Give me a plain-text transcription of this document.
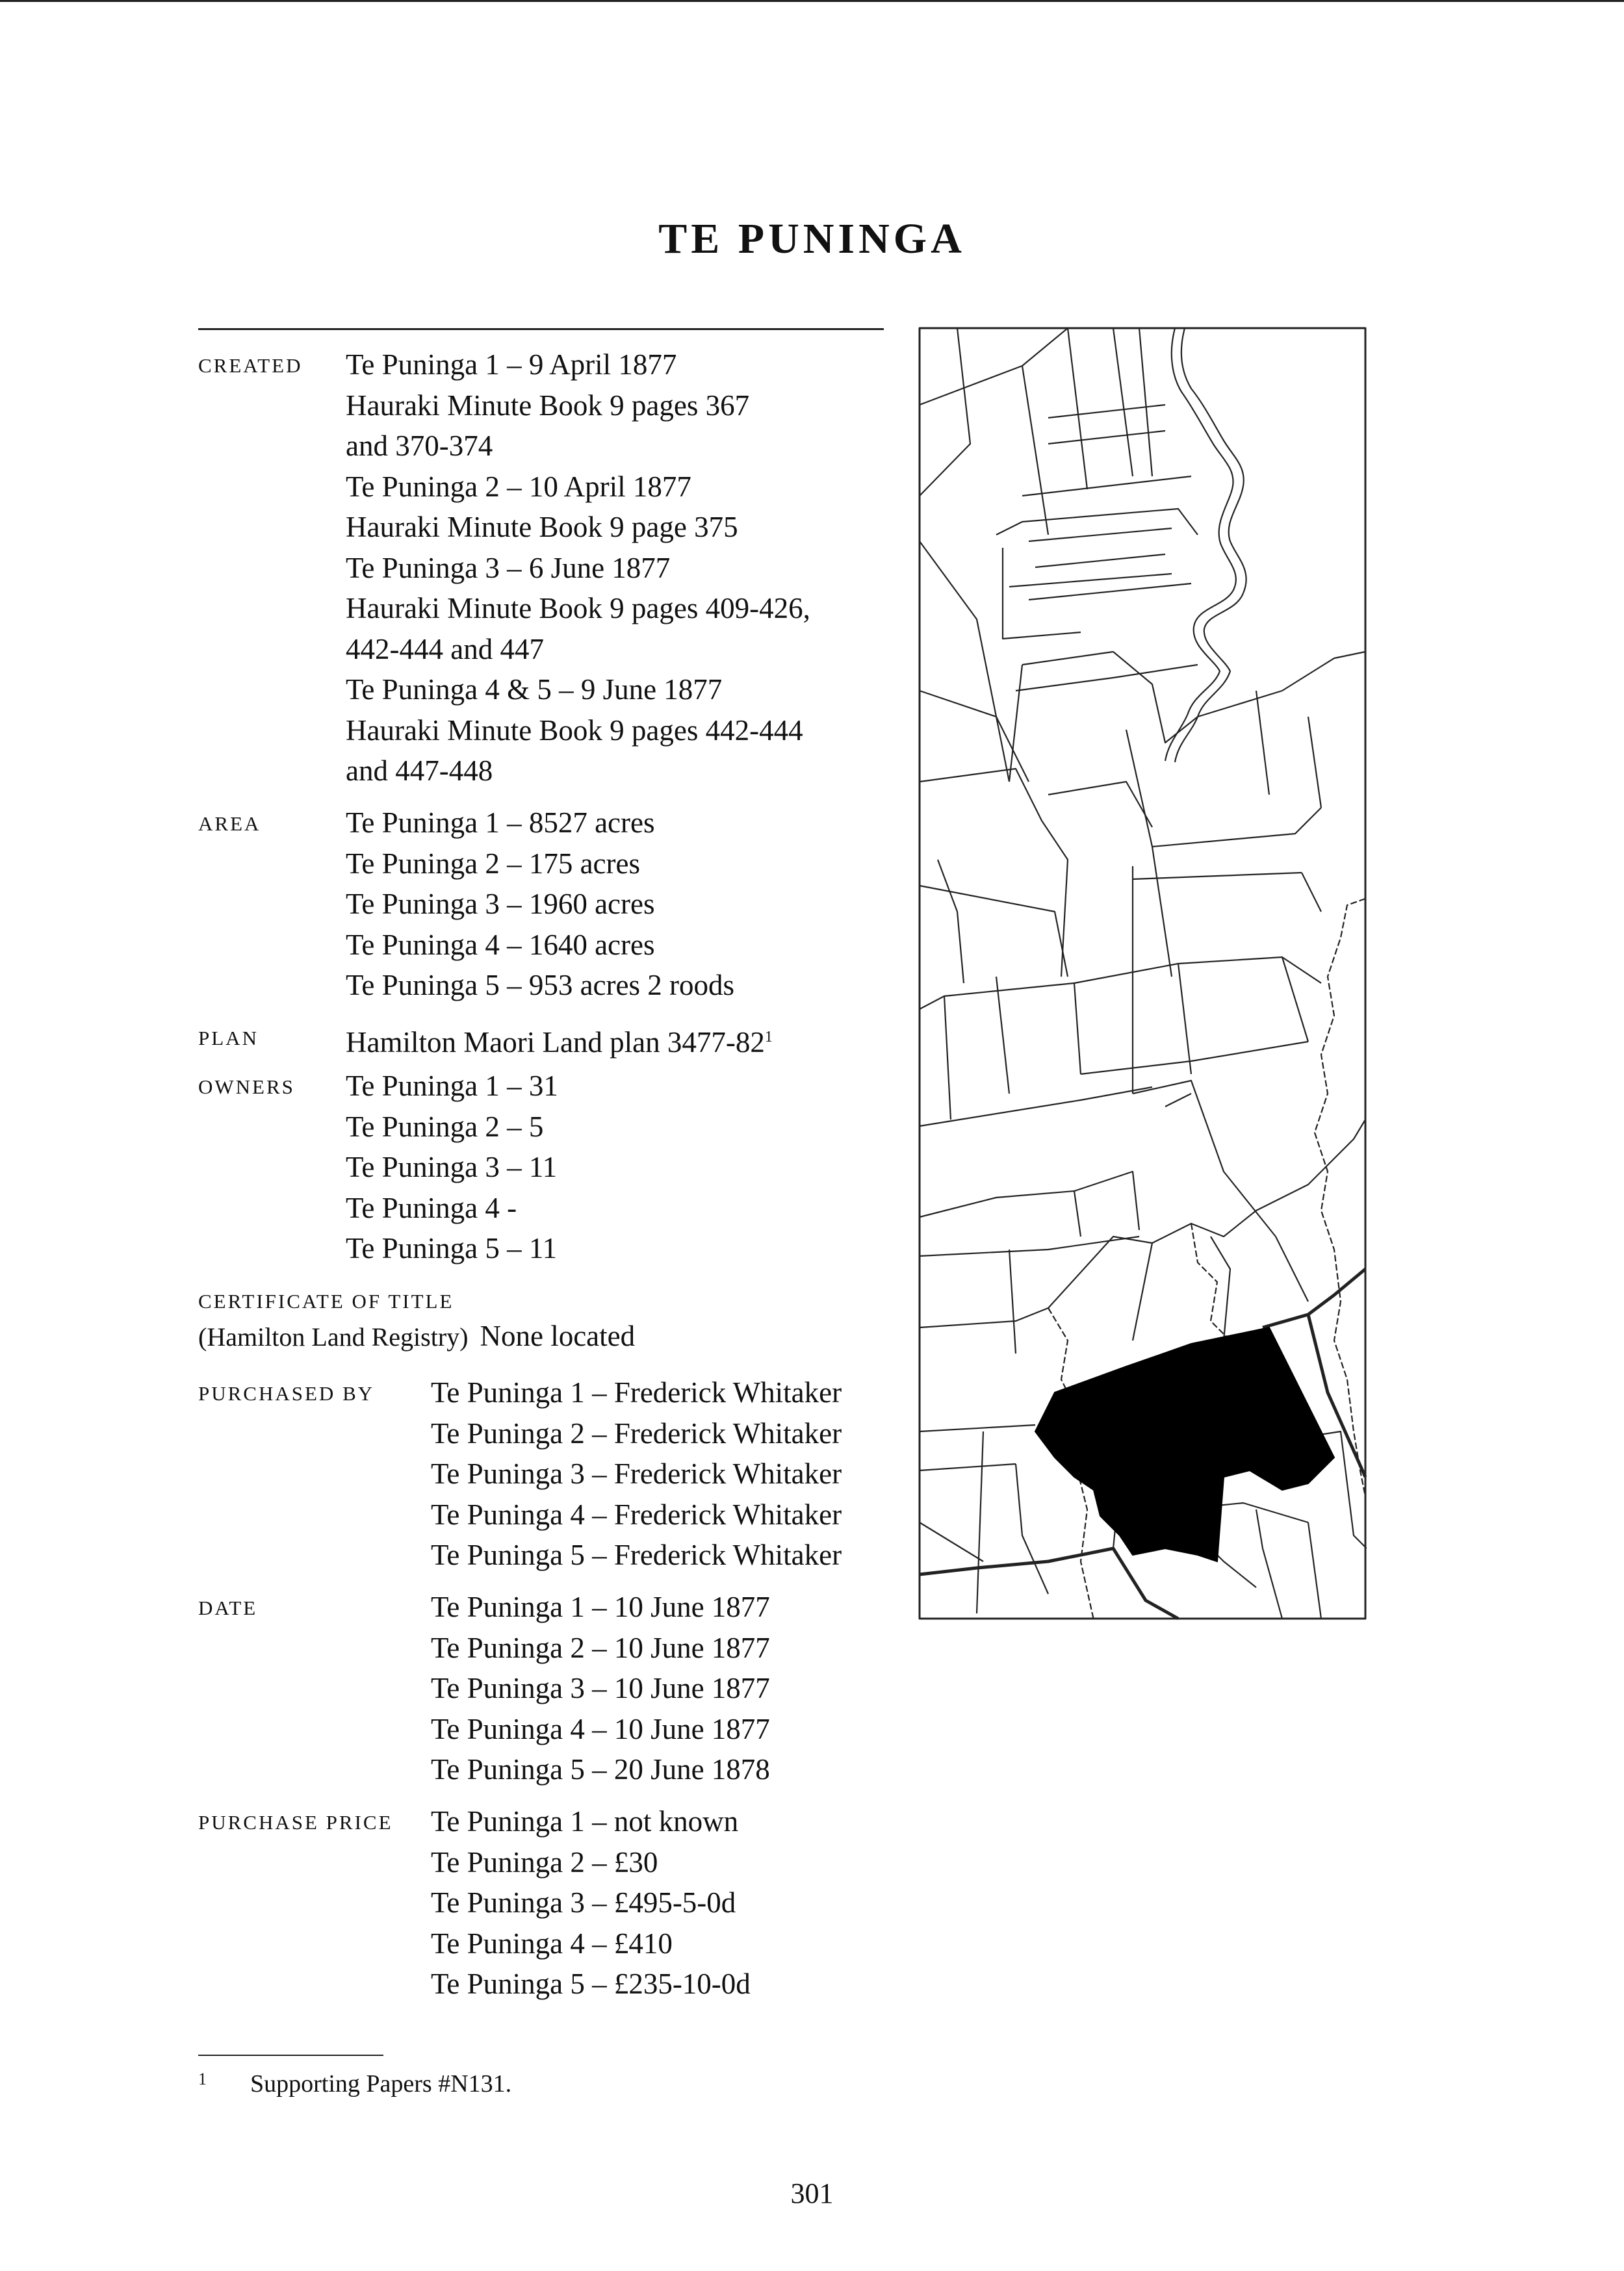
TE PUNINGA
CREATED Te Puninga 1 – 9 April 1877
Hauraki Minute Book 9 pages 367
and 370-374
Te Puninga 2 – 10 April 1877
Hauraki Minute Book 9 page 375
Te Puninga 3 – 6 June 1877
Hauraki Minute Book 9 pages 409-426,
442-444 and 447
Te Puninga 4 & 5 – 9 June 1877
Hauraki Minute Book 9 pages 442-444
and 447-448
AREA	Te Puninga 1 – 8527 acres
Te Puninga 2 – 175 acres
Te Puninga 3 – 1960 acres
Te Puninga 4 – 1640 acres
Te Puninga 5 – 953 acres 2 roods
PLAN	Hamilton Maori Land plan $3477-82^1$
OWNERS Te Puninga 1 – 31
Te Puninga 2 – 5
Te Puninga 3 – 11
Te Puninga 4 -
Te Puninga 5 – 11
CERTIFICATE OF TITLE
(Hamilton Land Registry) None located
PURCHASED BY Te Puninga 1 – Frederick Whitaker
Te Puninga 2 – Frederick Whitaker
Te Puninga 3 – Frederick Whitaker
Te Puninga 4 – Frederick Whitaker
Te Puninga 5 – Frederick Whitaker
DATE	Te Puninga 1 – 10 June 1877
Te Puninga 2 – 10 June 1877
Te Puninga 3 – 10 June 1877
Te Puninga 4 – 10 June 1877
Te Puninga 5 – 20 June 1878
PURCHASE PRICE Te Puninga 1 – not known
Te Puninga 2 – £30
Te Puninga 3 – £495-5-0d
Te Puninga 4 – £410
Te Puninga 5 – £235-10-0d
1 Supporting Papers #N131.
301
